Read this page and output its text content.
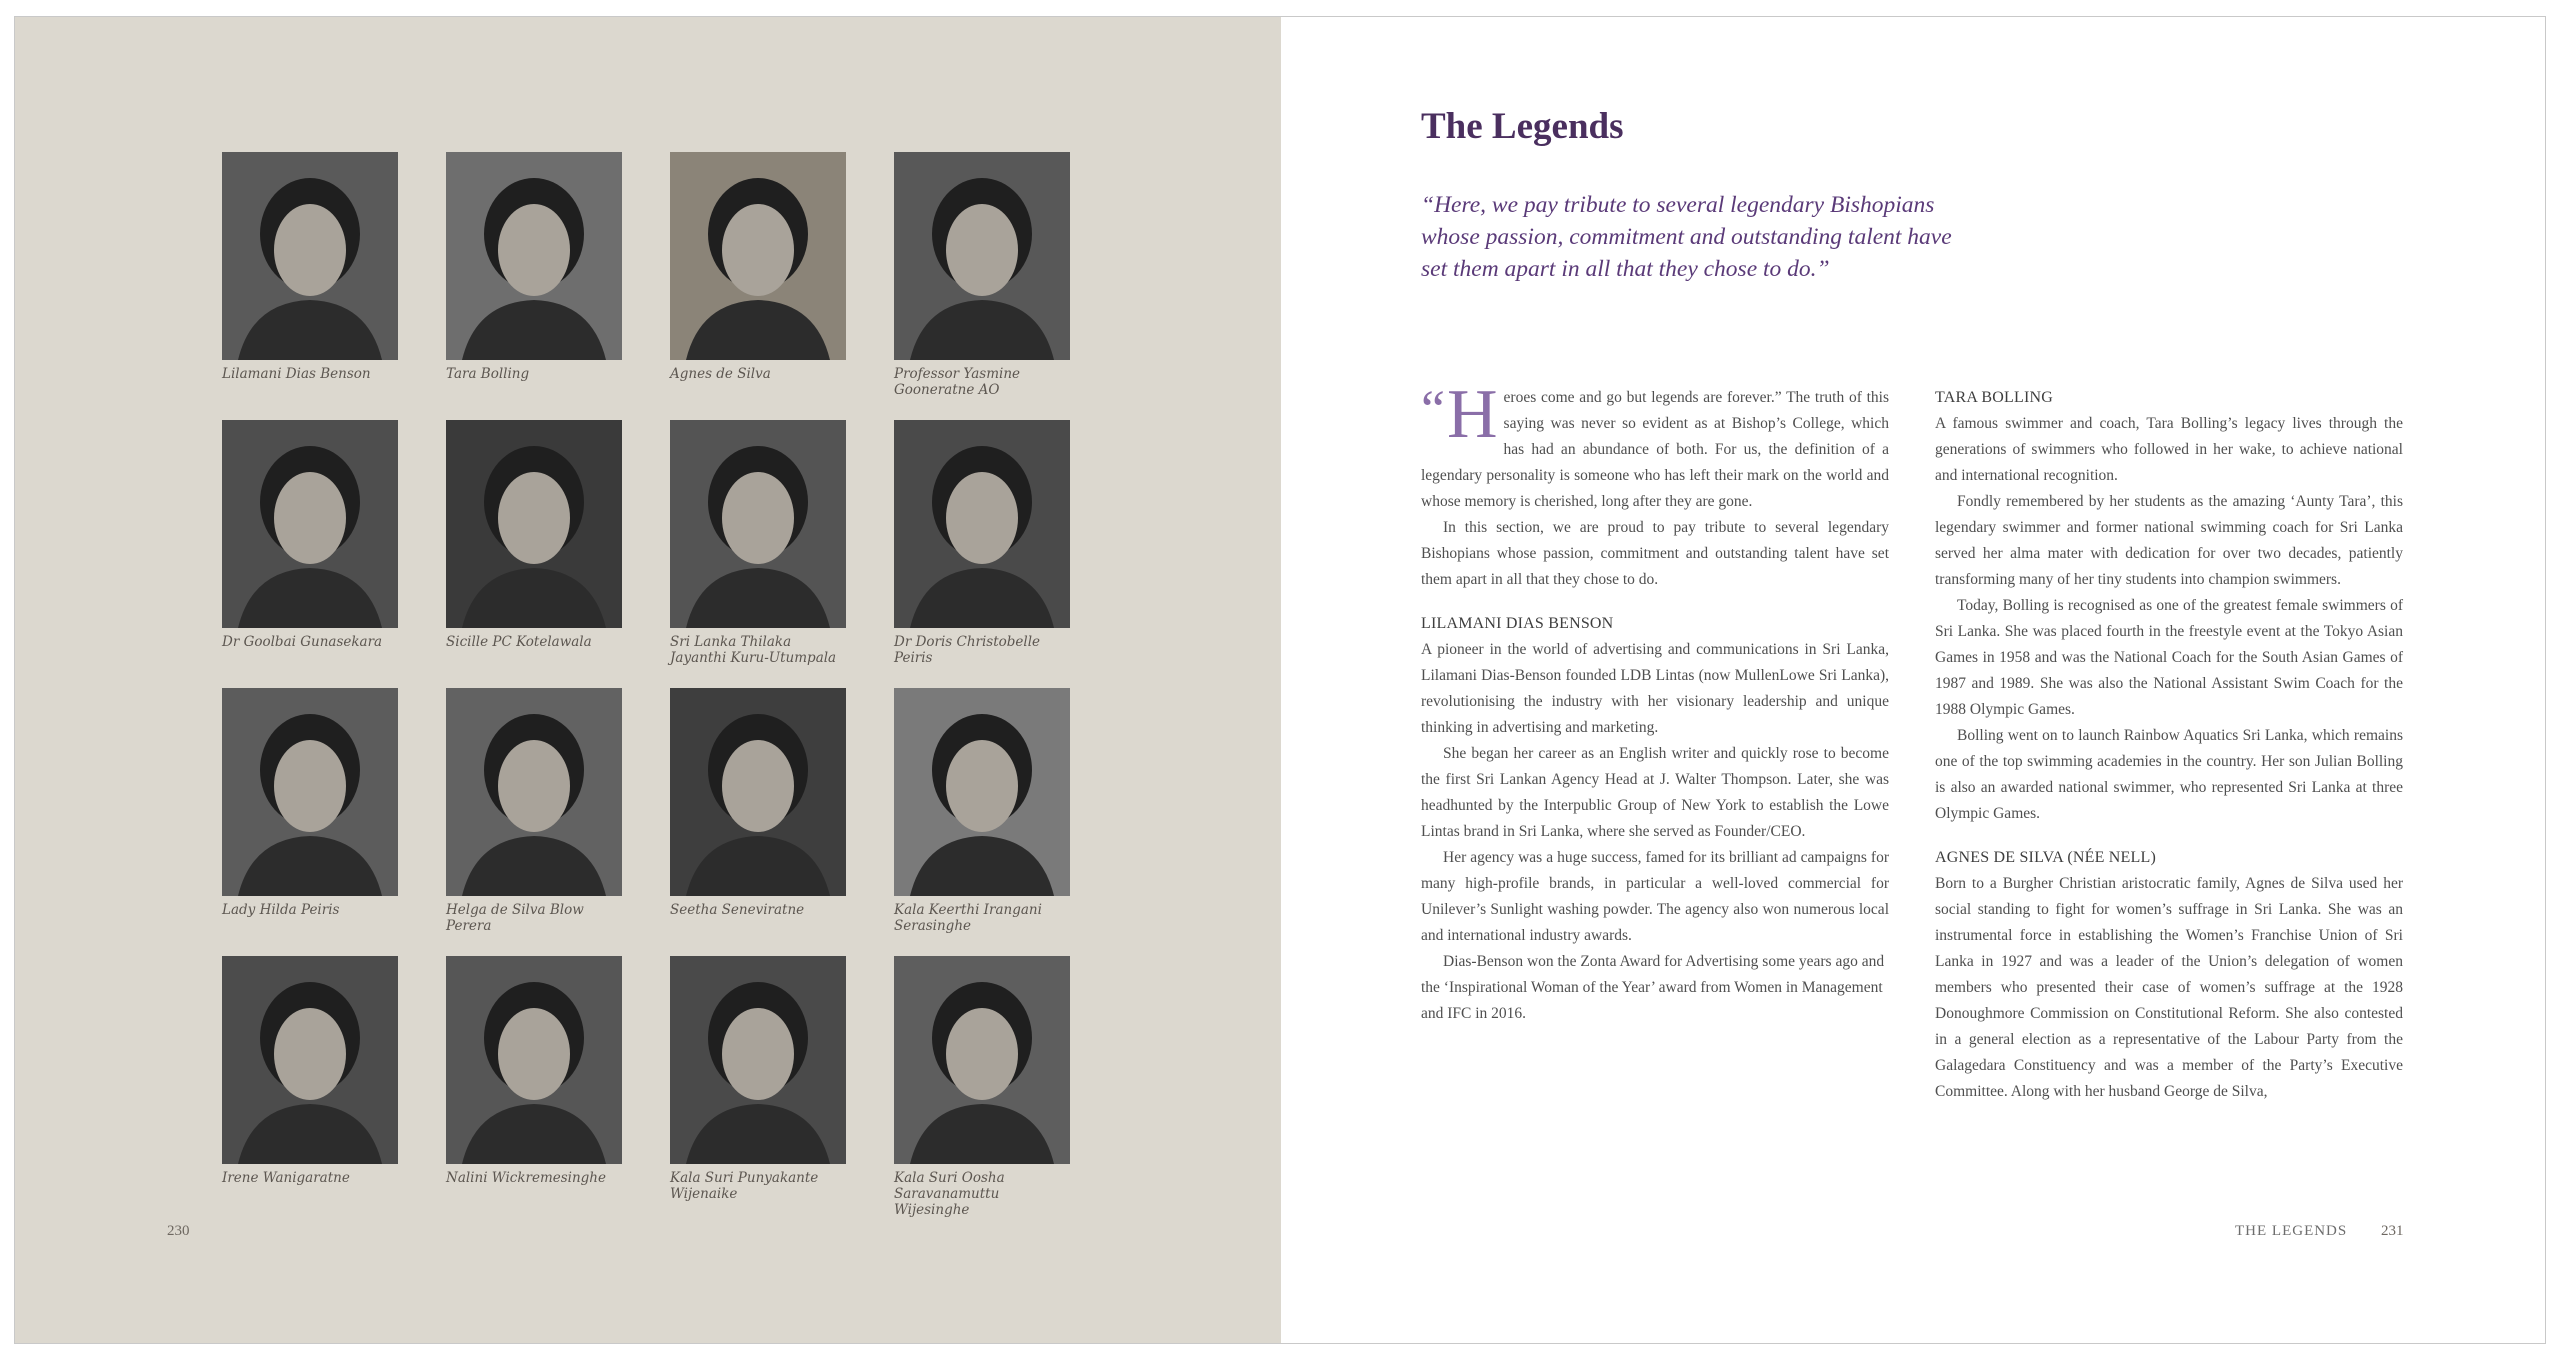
230
Lilamani Dias Benson	Tara Bolling	Agnes de Silva	Professor Yasmine Gooneratne AO
Dr Goolbai Gunasekara	Sicille PC Kotelawala	Sri Lanka Thilaka Jayanthi Kuru-Utumpala
Dr Doris Christobelle Peiris
Lady Hilda Peiris	Helga de Silva Blow Perera
Seetha Seneviratne	Kala Keerthi Irangani Serasinghe
Irene Wanigaratne	Nalini Wickremesinghe	Kala Suri Punyakante Wijenaike
Kala Suri Oosha Saravanamuttu Wijesinghe
The Legends

“Here, we pay tribute to several legendary Bishopians whose passion, commitment and outstanding talent have set them apart in all that they chose to do.”

“ H eroes come and go but legends are forever.” The truth of this saying was never so evident as at Bishop’s College, which has had an abundance of both. For us, the definition of a legendary personality is someone who has left their mark on the world and whose memory is cherished, long after they are gone.

In this section, we are proud to pay tribute to several legendary Bishopians whose passion, commitment and outstanding talent have set them apart in all that they chose to do.

LILAMANI DIAS BENSON

A pioneer in the world of advertising and communications in Sri Lanka, Lilamani Dias-Benson founded LDB Lintas (now MullenLowe Sri Lanka), revolutionising the industry with her visionary leadership and unique thinking in advertising and marketing.

She began her career as an English writer and quickly rose to become the first Sri Lankan Agency Head at J. Walter Thompson. Later, she was headhunted by the Interpublic Group of New York to establish the Lowe Lintas brand in Sri Lanka, where she served as Founder/CEO.

Her agency was a huge success, famed for its brilliant ad campaigns for many high-profile brands, in particular a well-loved commercial for Unilever’s Sunlight washing powder. The agency also won numerous local and international industry awards.

Dias-Benson won the Zonta Award for Advertising some years ago and the ‘Inspirational Woman of the Year’ award from Women in Management and IFC in 2016.

TARA BOLLING

A famous swimmer and coach, Tara Bolling’s legacy lives through the generations of swimmers who followed in her wake, to achieve national and international recognition.

Fondly remembered by her students as the amazing ‘Aunty Tara’, this legendary swimmer and former national swimming coach for Sri Lanka served her alma mater with dedication for over two decades, patiently transforming many of her tiny students into champion swimmers.

Today, Bolling is recognised as one of the greatest female swimmers of Sri Lanka. She was placed fourth in the freestyle event at the Tokyo Asian Games in 1958 and was the National Coach for the South Asian Games of 1987 and 1989. She was also the National Assistant Swim Coach for the 1988 Olympic Games.

Bolling went on to launch Rainbow Aquatics Sri Lanka, which remains one of the top swimming academies in the country. Her son Julian Bolling is also an awarded national swimmer, who represented Sri Lanka at three Olympic Games.

AGNES DE SILVA (NÉE NELL)

Born to a Burgher Christian aristocratic family, Agnes de Silva used her social standing to fight for women’s suffrage in Sri Lanka. She was an instrumental force in establishing the Women’s Franchise Union of Sri Lanka in 1927 and was a leader of the Union’s delegation of women members who presented their case of women’s suffrage at the 1928 Donoughmore Commission on Constitutional Reform. She also contested in a general election as a representative of the Labour Party from the Galagedara Constituency and was a member of the Party’s Executive Committee. Along with her husband George de Silva,

THE LEGENDS 231
